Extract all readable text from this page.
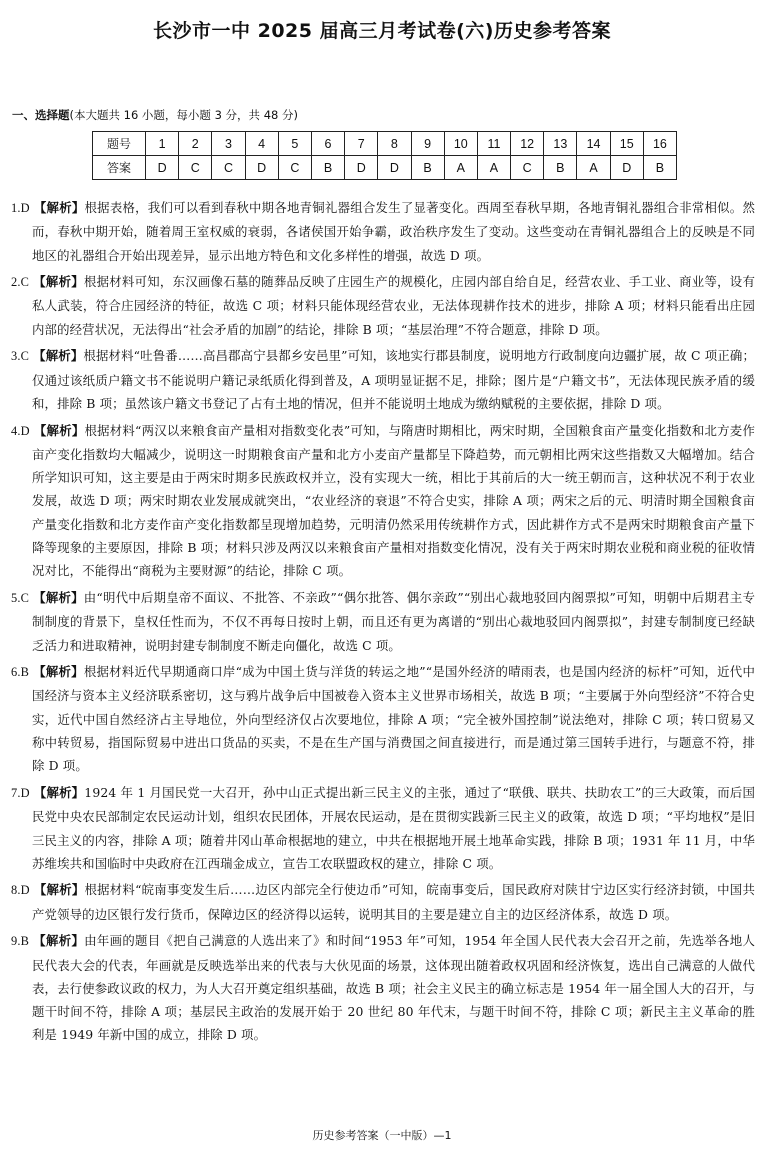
长沙市一中 2025 届高三月考试卷(六)历史参考答案
一、选择题(本大题共 16 小题，每小题 3 分，共 48 分)
题号	1	2	3	4	5	6	7	8	9	10	11	12	13	14	15	16
答案	D	C	C	D	C	B	D	D	B	A	A	C	B	A	D	B

1.D 【解析】根据表格，我们可以看到春秋中期各地青铜礼器组合发生了显著变化。西周至春秋早期，各地青铜礼器组合非常相似。然而，春秋中期开始，随着周王室权威的衰弱，各诸侯国开始争霸，政治秩序发生了变动。这些变动在青铜礼器组合上的反映是不同地区的礼器组合开始出现差异，显示出地方特色和文化多样性的增强，故选 D 项。

2.C 【解析】根据材料可知，东汉画像石墓的随葬品反映了庄园生产的规模化，庄园内部自给自足，经营农业、手工业、商业等，设有私人武装，符合庄园经济的特征，故选 C 项；材料只能体现经营农业，无法体现耕作技术的进步，排除 A 项；材料只能看出庄园内部的经营状况，无法得出“社会矛盾的加剧”的结论，排除 B 项；“基层治理”不符合题意，排除 D 项。

3.C 【解析】根据材料“吐鲁番……高昌郡高宁县都乡安邑里”可知，该地实行郡县制度，说明地方行政制度向边疆扩展，故 C 项正确；仅通过该纸质户籍文书不能说明户籍记录纸质化得到普及，A 项明显证据不足，排除；图片是“户籍文书”，无法体现民族矛盾的缓和，排除 B 项；虽然该户籍文书登记了占有土地的情况，但并不能说明土地成为缴纳赋税的主要依据，排除 D 项。

4.D 【解析】根据材料“两汉以来粮食亩产量相对指数变化表”可知，与隋唐时期相比，两宋时期，全国粮食亩产量变化指数和北方麦作亩产变化指数均大幅减少，说明这一时期粮食亩产量和北方小麦亩产量都呈下降趋势，而元朝相比两宋这些指数又大幅增加。结合所学知识可知，这主要是由于两宋时期多民族政权并立，没有实现大一统，相比于其前后的大一统王朝而言，这种状况不利于农业发展，故选 D 项；两宋时期农业发展成就突出，“农业经济的衰退”不符合史实，排除 A 项；两宋之后的元、明清时期全国粮食亩产量变化指数和北方麦作亩产变化指数都呈现增加趋势，元明清仍然采用传统耕作方式，因此耕作方式不是两宋时期粮食亩产量下降等现象的主要原因，排除 B 项；材料只涉及两汉以来粮食亩产量相对指数变化情况，没有关于两宋时期农业税和商业税的征收情况对比，不能得出“商税为主要财源”的结论，排除 C 项。

5.C 【解析】由“明代中后期皇帝不面议、不批答、不亲政”“偶尔批答、偶尔亲政”“别出心裁地驳回内阁票拟”可知，明朝中后期君主专制制度的背景下，皇权任性而为，不仅不再每日按时上朝，而且还有更为离谱的“别出心裁地驳回内阁票拟”，封建专制制度已经缺乏活力和进取精神，说明封建专制制度不断走向僵化，故选 C 项。

6.B 【解析】根据材料近代早期通商口岸“成为中国土货与洋货的转运之地”“是国外经济的晴雨表，也是国内经济的标杆”可知，近代中国经济与资本主义经济联系密切，这与鸦片战争后中国被卷入资本主义世界市场相关，故选 B 项；“主要属于外向型经济”不符合史实，近代中国自然经济占主导地位，外向型经济仅占次要地位，排除 A 项；“完全被外国控制”说法绝对，排除 C 项；转口贸易又称中转贸易，指国际贸易中进出口货品的买卖，不是在生产国与消费国之间直接进行，而是通过第三国转手进行，与题意不符，排除 D 项。

7.D 【解析】1924 年 1 月国民党一大召开，孙中山正式提出新三民主义的主张，通过了“联俄、联共、扶助农工”的三大政策，而后国民党中央农民部制定农民运动计划，组织农民团体，开展农民运动，是在贯彻实践新三民主义的政策，故选 D 项；“平均地权”是旧三民主义的内容，排除 A 项；随着井冈山革命根据地的建立，中共在根据地开展土地革命实践，排除 B 项；1931 年 11 月，中华苏维埃共和国临时中央政府在江西瑞金成立，宣告工农联盟政权的建立，排除 C 项。

8.D 【解析】根据材料“皖南事变发生后……边区内部完全行使边币”可知，皖南事变后，国民政府对陕甘宁边区实行经济封锁，中国共产党领导的边区银行发行货币，保障边区的经济得以运转，说明其目的主要是建立自主的边区经济体系，故选 D 项。

9.B 【解析】由年画的题目《把自己满意的人选出来了》和时间“1953 年”可知，1954 年全国人民代表大会召开之前，先选举各地人民代表大会的代表，年画就是反映选举出来的代表与大伙见面的场景，这体现出随着政权巩固和经济恢复，选出自己满意的人做代表，去行使参政议政的权力，为人大召开奠定组织基础，故选 B 项；社会主义民主的确立标志是 1954 年一届全国人大的召开，与题干时间不符，排除 A 项；基层民主政治的发展开始于 20 世纪 80 年代末，与题干时间不符，排除 C 项；新民主主义革命的胜利是 1949 年新中国的成立，排除 D 项。

历史参考答案（一中版）—1
